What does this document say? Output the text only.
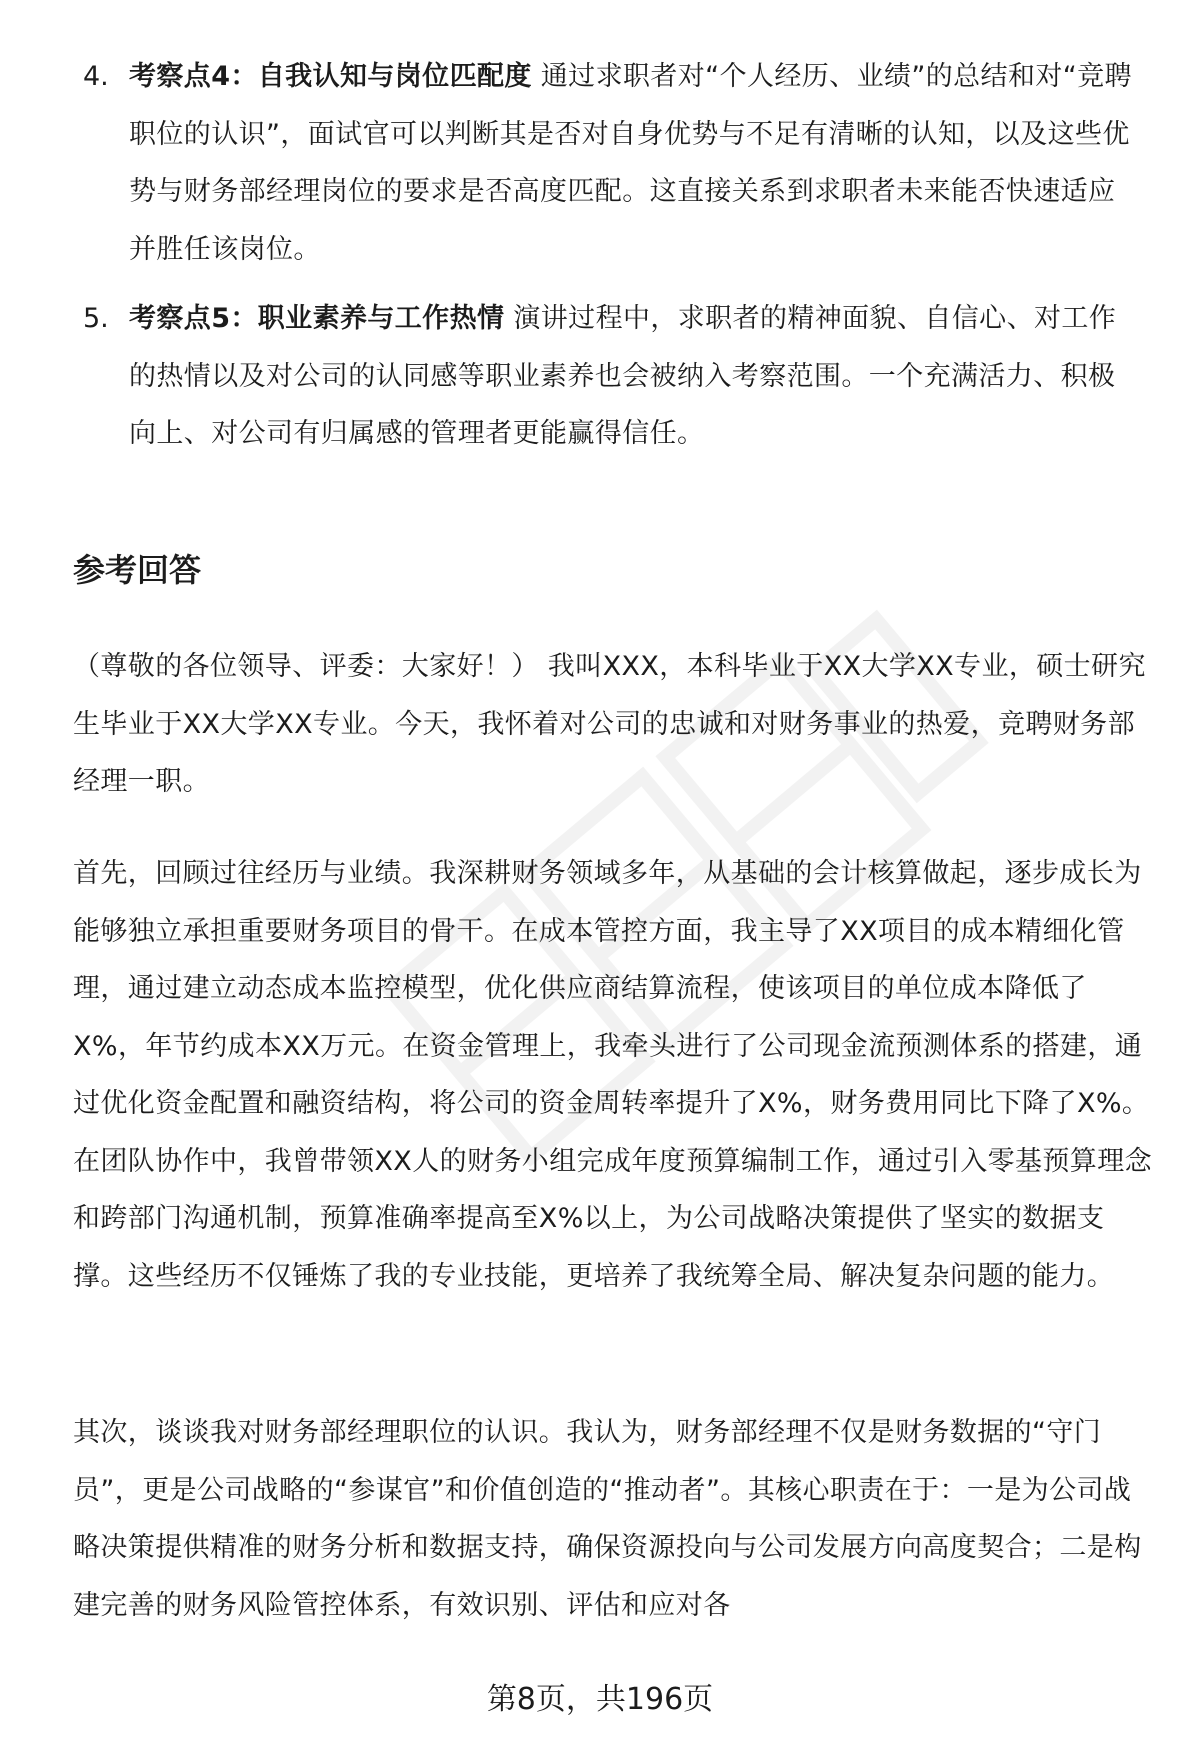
4. 考察点4：自我认知与岗位匹配度 通过求职者对“个人经历、业绩”的总结和对“竞聘职位的认识”，面试官可以判断其是否对自身优势与不足有清晰的认知，以及这些优势与财务部经理岗位的要求是否高度匹配。这直接关系到求职者未来能否快速适应并胜任该岗位。

5. 考察点5：职业素养与工作热情 演讲过程中，求职者的精神面貌、自信心、对工作的热情以及对公司的认同感等职业素养也会被纳入考察范围。一个充满活力、积极向上、对公司有归属感的管理者更能赢得信任。

参考回答

（尊敬的各位领导、评委：大家好！） 我叫XXX，本科毕业于XX大学XX专业，硕士研究生毕业于XX大学XX专业。今天，我怀着对公司的忠诚和对财务事业的热爱，竞聘财务部经理一职。

首先，回顾过往经历与业绩。我深耕财务领域多年，从基础的会计核算做起，逐步成长为能够独立承担重要财务项目的骨干。在成本管控方面，我主导了XX项目的成本精细化管理，通过建立动态成本监控模型，优化供应商结算流程，使该项目的单位成本降低了X%，年节约成本XX万元。在资金管理上，我牵头进行了公司现金流预测体系的搭建，通过优化资金配置和融资结构，将公司的资金周转率提升了X%，财务费用同比下降了X%。在团队协作中，我曾带领XX人的财务小组完成年度预算编制工作，通过引入零基预算理念和跨部门沟通机制，预算准确率提高至X%以上，为公司战略决策提供了坚实的数据支撑。这些经历不仅锤炼了我的专业技能，更培养了我统筹全局、解决复杂问题的能力。

其次，谈谈我对财务部经理职位的认识。我认为，财务部经理不仅是财务数据的“守门员”，更是公司战略的“参谋官”和价值创造的“推动者”。其核心职责在于：一是为公司战略决策提供精准的财务分析和数据支持，确保资源投向与公司发展方向高度契合；二是构建完善的财务风险管控体系，有效识别、评估和应对各

第8页，共196页
